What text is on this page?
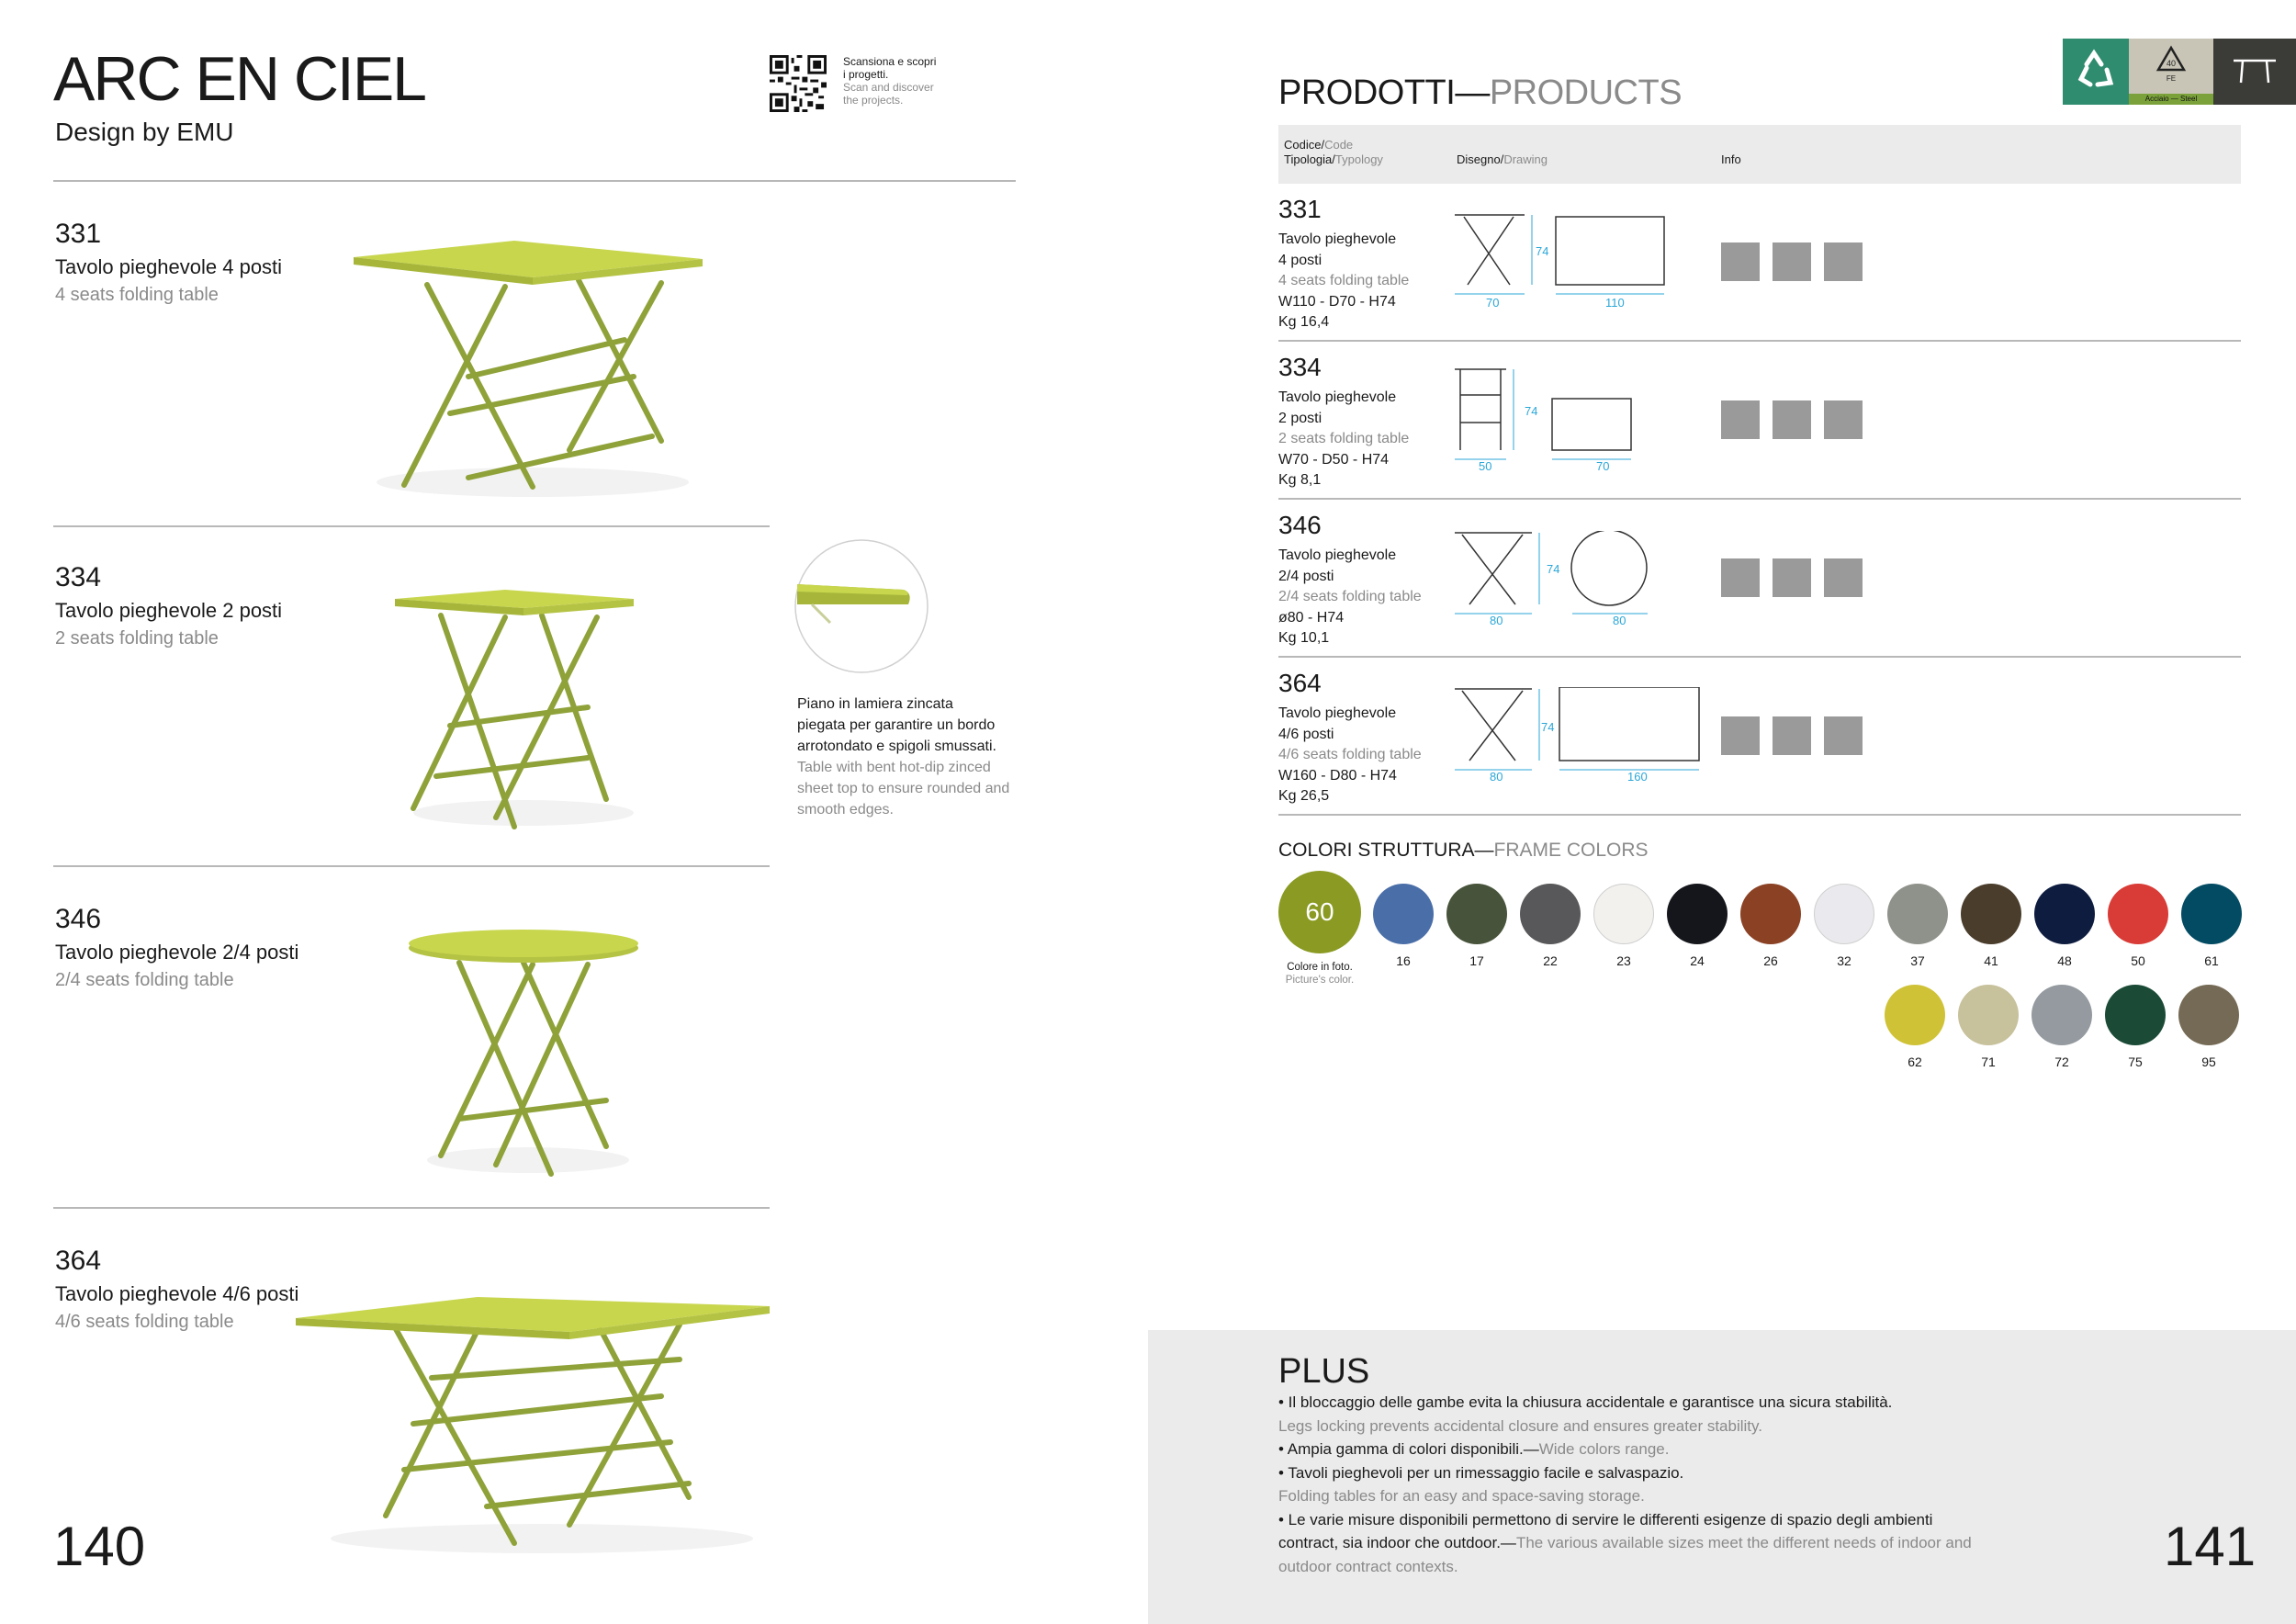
ARC EN CIEL
Design by EMU
Scansiona e scopri
i progetti.
Scan and discover
the projects.
331
Tavolo pieghevole 4 posti
4 seats folding table
334
Tavolo pieghevole 2 posti
2 seats folding table
Piano in lamiera zincata
piegata per garantire un bordo
arrotondato e spigoli smussati.
Table with bent hot-dip zinced
sheet top to ensure rounded and
smooth edges.
346
Tavolo pieghevole 2/4 posti
2/4 seats folding table
364
Tavolo pieghevole 4/6 posti
4/6 seats folding table
140
40
FE
Acciaio — Steel
PRODOTTI—PRODUCTS
Codice/Code
Tipologia/Typology	Disegno/Drawing	Info
331
Tavolo pieghevole
4 posti
4 seats folding table
W110 - D70 - H74
Kg 16,4
74
70	110
334
Tavolo pieghevole
2 posti
2 seats folding table
W70 - D50 - H74
Kg 8,1
74
50	70
346
Tavolo pieghevole
2/4 posti
2/4 seats folding table
ø80 - H74
Kg 10,1
74
80	80
364
Tavolo pieghevole
4/6 posti
4/6 seats folding table
W160 - D80 - H74
Kg 26,5
74
80	160
COLORI STRUTTURA—FRAME COLORS
60
Colore in foto.
Picture's color.
16	17	22	23	24	26	32	37	41	48	50	61
62	71	72	75	95
PLUS
• Il bloccaggio delle gambe evita la chiusura accidentale e garantisce una sicura stabilità.
Legs locking prevents accidental closure and ensures greater stability.
• Ampia gamma di colori disponibili.—Wide colors range.
• Tavoli pieghevoli per un rimessaggio facile e salvaspazio.
Folding tables for an easy and space-saving storage.
• Le varie misure disponibili permettono di servire le differenti esigenze di spazio degli ambienti
contract, sia indoor che outdoor.—The various available sizes meet the different needs of indoor and
outdoor contract contexts.	141
